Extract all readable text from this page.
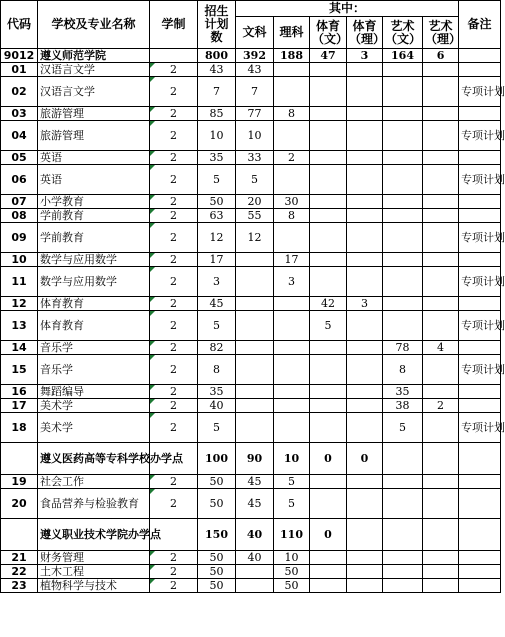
代码	学校及专业名称	学制	招生计划数	其中：						备注
				文科	理科	体育（文）	体育（理）	艺术（文）	艺术（理）	
9012	遵义师范学院		800	392	188	47	3	164	6	
01	汉语言文学	2	43	43						
02	汉语言文学	2	7	7						专项计划
03	旅游管理	2	85	77	8					
04	旅游管理	2	10	10						专项计划
05	英语	2	35	33	2					
06	英语	2	5	5						专项计划
07	小学教育	2	50	20	30					
08	学前教育	2	63	55	8					
09	学前教育	2	12	12						专项计划
10	数学与应用数学	2	17		17					
11	数学与应用数学	2	3		3					专项计划
12	体育教育	2	45			42	3			
13	体育教育	2	5			5				专项计划
14	音乐学	2	82					78	4	
15	音乐学	2	8					8		专项计划
16	舞蹈编导	2	35					35		
17	美术学	2	40					38	2	
18	美术学	2	5					5		专项计划
	遵义医药高等专科学校办学点		100	90	10	0	0			
19	社会工作	2	50	45	5					
20	食品营养与检验教育	2	50	45	5					
	遵义职业技术学院办学点		150	40	110	0				
21	财务管理	2	50	40	10					
22	土木工程	2	50		50					
23	植物科学与技术	2	50		50					
